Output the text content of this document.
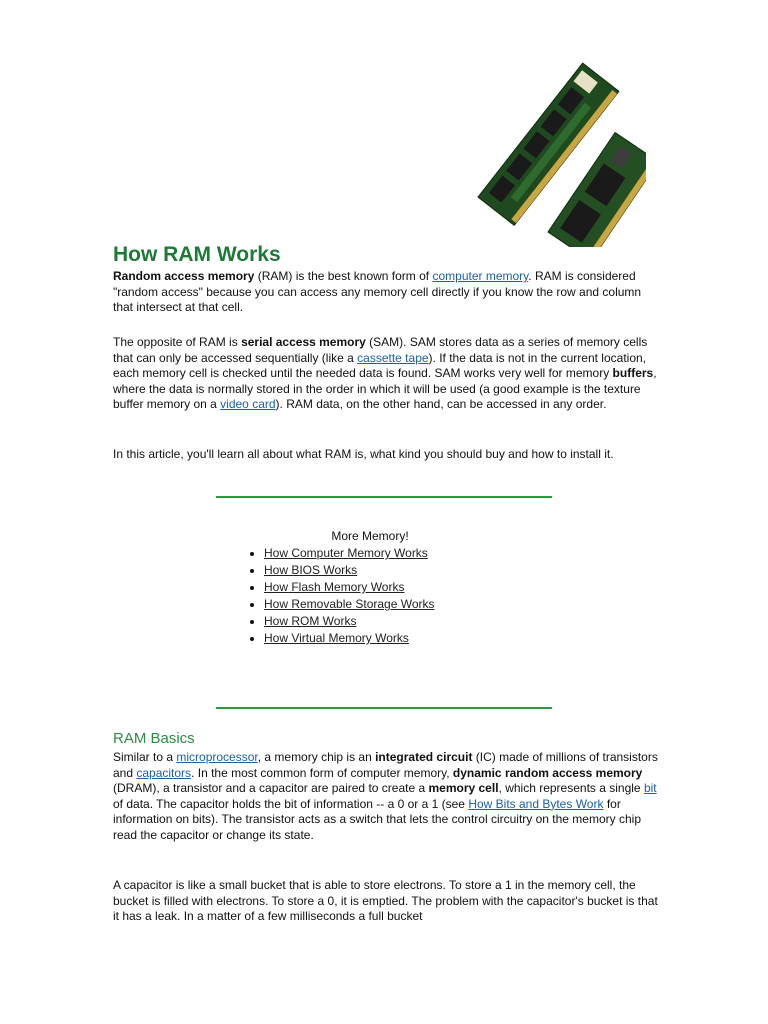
How RAM Works

Random access memory (RAM) is the best known form of computer memory. RAM is considered "random access" because you can access any memory cell directly if you know the row and column that intersect at that cell.

The opposite of RAM is serial access memory (SAM). SAM stores data as a series of memory cells that can only be accessed sequentially (like a cassette tape). If the data is not in the current location, each memory cell is checked until the needed data is found. SAM works very well for memory buffers, where the data is normally stored in the order in which it will be used (a good example is the texture buffer memory on a video card). RAM data, on the other hand, can be accessed in any order.

In this article, you'll learn all about what RAM is, what kind you should buy and how to install it.

More Memory!
• How Computer Memory Works
• How BIOS Works
• How Flash Memory Works
• How Removable Storage Works
• How ROM Works
• How Virtual Memory Works
RAM Basics

Similar to a microprocessor, a memory chip is an integrated circuit (IC) made of millions of transistors and capacitors. In the most common form of computer memory, dynamic random access memory (DRAM), a transistor and a capacitor are paired to create a memory cell, which represents a single bit of data. The capacitor holds the bit of information -- a 0 or a 1 (see How Bits and Bytes Work for information on bits). The transistor acts as a switch that lets the control circuitry on the memory chip read the capacitor or change its state.

A capacitor is like a small bucket that is able to store electrons. To store a 1 in the memory cell, the bucket is filled with electrons. To store a 0, it is emptied. The problem with the capacitor's bucket is that it has a leak. In a matter of a few milliseconds a full bucket
